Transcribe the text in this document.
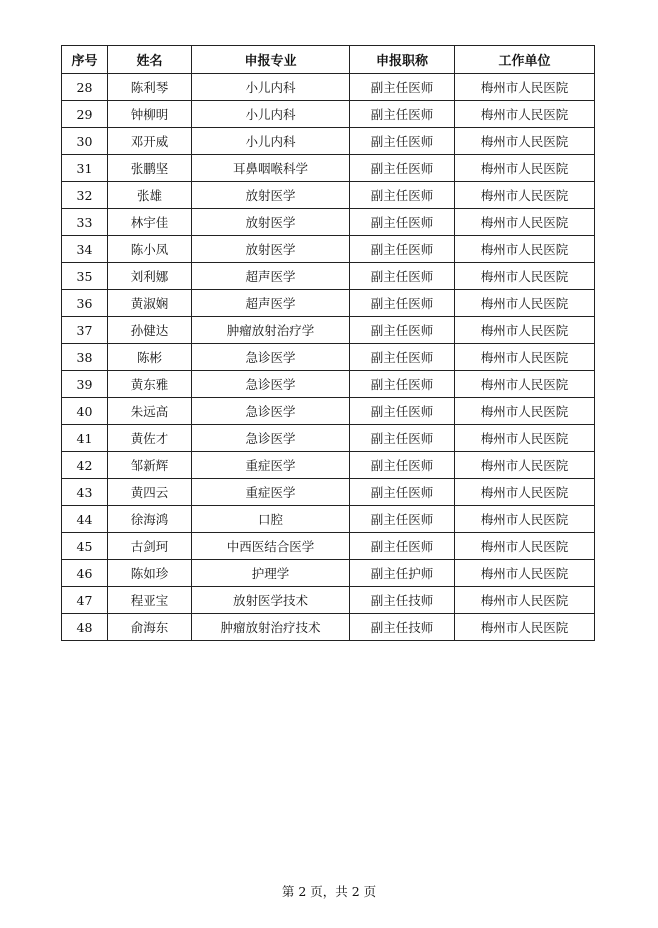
序号	姓名	申报专业	申报职称	工作单位
28	陈利琴	小儿内科	副主任医师	梅州市人民医院
29	钟柳明	小儿内科	副主任医师	梅州市人民医院
30	邓开威	小儿内科	副主任医师	梅州市人民医院
31	张鹏坚	耳鼻咽喉科学	副主任医师	梅州市人民医院
32	张雄	放射医学	副主任医师	梅州市人民医院
33	林宇佳	放射医学	副主任医师	梅州市人民医院
34	陈小凤	放射医学	副主任医师	梅州市人民医院
35	刘利娜	超声医学	副主任医师	梅州市人民医院
36	黄淑娴	超声医学	副主任医师	梅州市人民医院
37	孙健达	肿瘤放射治疗学	副主任医师	梅州市人民医院
38	陈彬	急诊医学	副主任医师	梅州市人民医院
39	黄东雅	急诊医学	副主任医师	梅州市人民医院
40	朱远高	急诊医学	副主任医师	梅州市人民医院
41	黄佐才	急诊医学	副主任医师	梅州市人民医院
42	邹新辉	重症医学	副主任医师	梅州市人民医院
43	黄四云	重症医学	副主任医师	梅州市人民医院
44	徐海鸿	口腔	副主任医师	梅州市人民医院
45	古剑珂	中西医结合医学	副主任医师	梅州市人民医院
46	陈如珍	护理学	副主任护师	梅州市人民医院
47	程亚宝	放射医学技术	副主任技师	梅州市人民医院
48	俞海东	肿瘤放射治疗技术	副主任技师	梅州市人民医院
第 2 页，共 2 页
